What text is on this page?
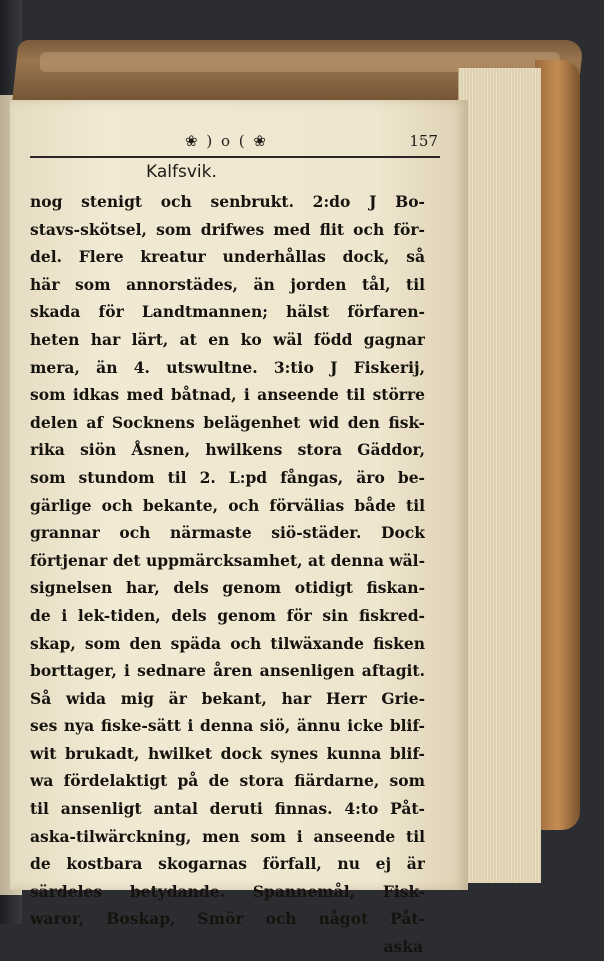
❀ ) o ( ❀	157
Kalfsvik.
nog stenigt och senbrukt. 2:do J Bo-
stavs-skötsel, som drifwes med flit och för-
del. Flere kreatur underhållas dock, så
här som annorstädes, än jorden tål, til
skada för Landtmannen; hälst förfaren-
heten har lärt, at en ko wäl född gagnar
mera, än 4. utswultne. 3:tio J Fiskerij,
som idkas med båtnad, i anseende til större
delen af Socknens belägenhet wid den fisk-
rika siön Åsnen, hwilkens stora Gäddor,
som stundom til 2. L:pd fångas, äro be-
gärlige och bekante, och förvälias både til
grannar och närmaste siö-städer. Dock
förtjenar det uppmärcksamhet, at denna wäl-
signelsen har, dels genom otidigt fiskan-
de i lek-tiden, dels genom för sin fiskred-
skap, som den späda och tilwäxande fisken
borttager, i sednare åren ansenligen aftagit.
Så wida mig är bekant, har Herr Grie-
ses nya fiske-sätt i denna siö, ännu icke blif-
wit brukadt, hwilket dock synes kunna blif-
wa fördelaktigt på de stora fiärdarne, som
til ansenligt antal deruti finnas. 4:to Påt-
aska-tilwärckning, men som i anseende til
de kostbara skogarnas förfall, nu ej är
särdeles betydande. Spannemål, Fisk-
waror, Boskap, Smör och något Påt-
aska
